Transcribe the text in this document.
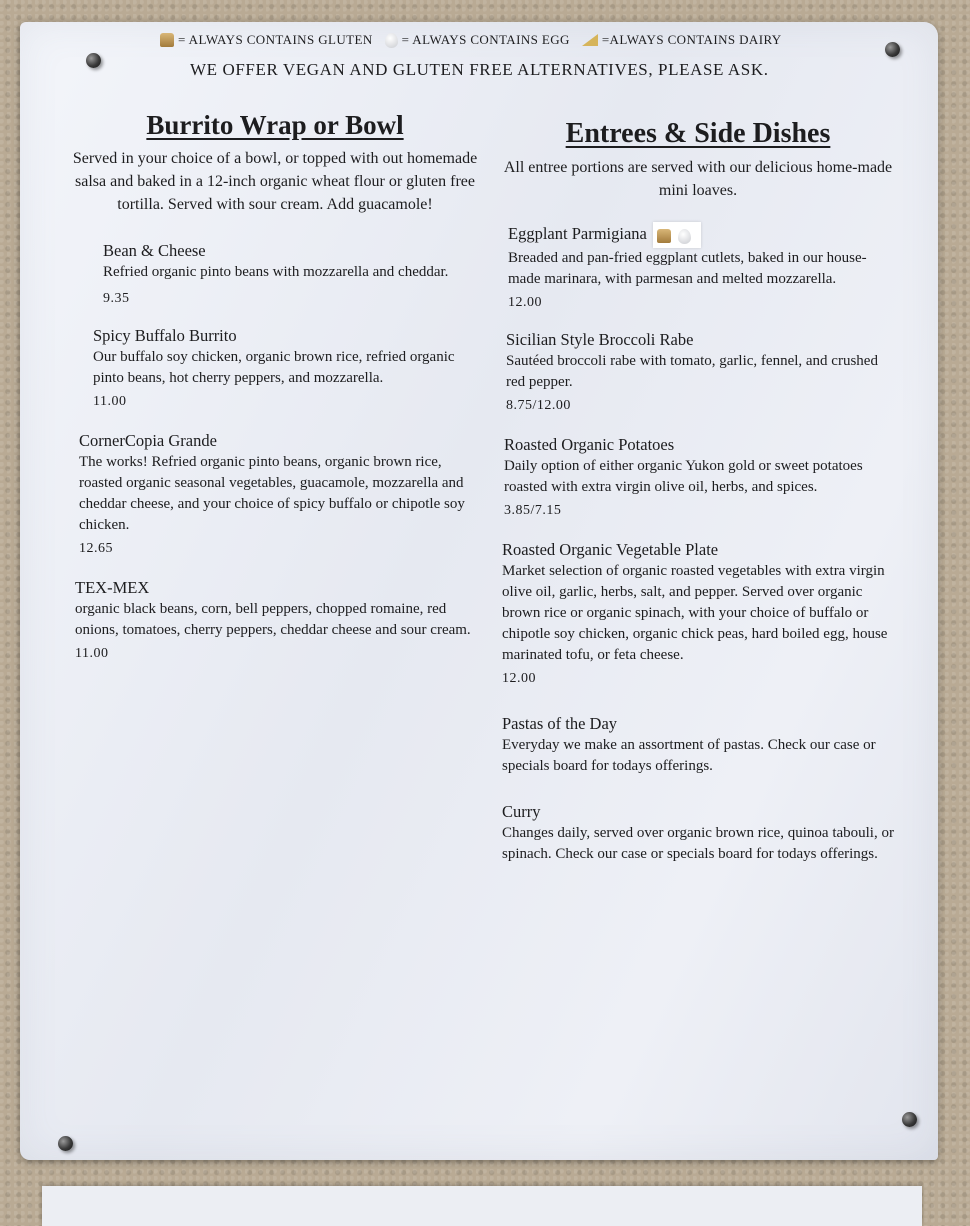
= ALWAYS CONTAINS GLUTEN = ALWAYS CONTAINS EGG =ALWAYS CONTAINS DAIRY
WE OFFER VEGAN AND GLUTEN FREE ALTERNATIVES, PLEASE ASK.
Burrito Wrap or Bowl

Served in your choice of a bowl, or topped with out homemade salsa and baked in a 12-inch organic wheat flour or gluten free tortilla. Served with sour cream. Add guacamole!

Bean & Cheese
Refried organic pinto beans with mozzarella and cheddar.
9.35
Spicy Buffalo Burrito
Our buffalo soy chicken, organic brown rice, refried organic pinto beans, hot cherry peppers, and mozzarella.
11.00
CornerCopia Grande
The works! Refried organic pinto beans, organic brown rice, roasted organic seasonal vegetables, guacamole, mozzarella and cheddar cheese, and your choice of spicy buffalo or chipotle soy chicken.
12.65
TEX-MEX
organic black beans, corn, bell peppers, chopped romaine, red onions, tomatoes, cherry peppers, cheddar cheese and sour cream.
11.00
Entrees & Side Dishes

All entree portions are served with our delicious home-made mini loaves.

Eggplant Parmigiana
Breaded and pan-fried eggplant cutlets, baked in our house-made marinara, with parmesan and melted mozzarella.
12.00
Sicilian Style Broccoli Rabe
Sautéed broccoli rabe with tomato, garlic, fennel, and crushed red pepper.
8.75/12.00
Roasted Organic Potatoes
Daily option of either organic Yukon gold or sweet potatoes roasted with extra virgin olive oil, herbs, and spices.
3.85/7.15
Roasted Organic Vegetable Plate
Market selection of organic roasted vegetables with extra virgin olive oil, garlic, herbs, salt, and pepper. Served over organic brown rice or organic spinach, with your choice of buffalo or chipotle soy chicken, organic chick peas, hard boiled egg, house marinated tofu, or feta cheese.
12.00
Pastas of the Day
Everyday we make an assortment of pastas. Check our case or specials board for todays offerings.
Curry
Changes daily, served over organic brown rice, quinoa tabouli, or spinach. Check our case or specials board for todays offerings.
